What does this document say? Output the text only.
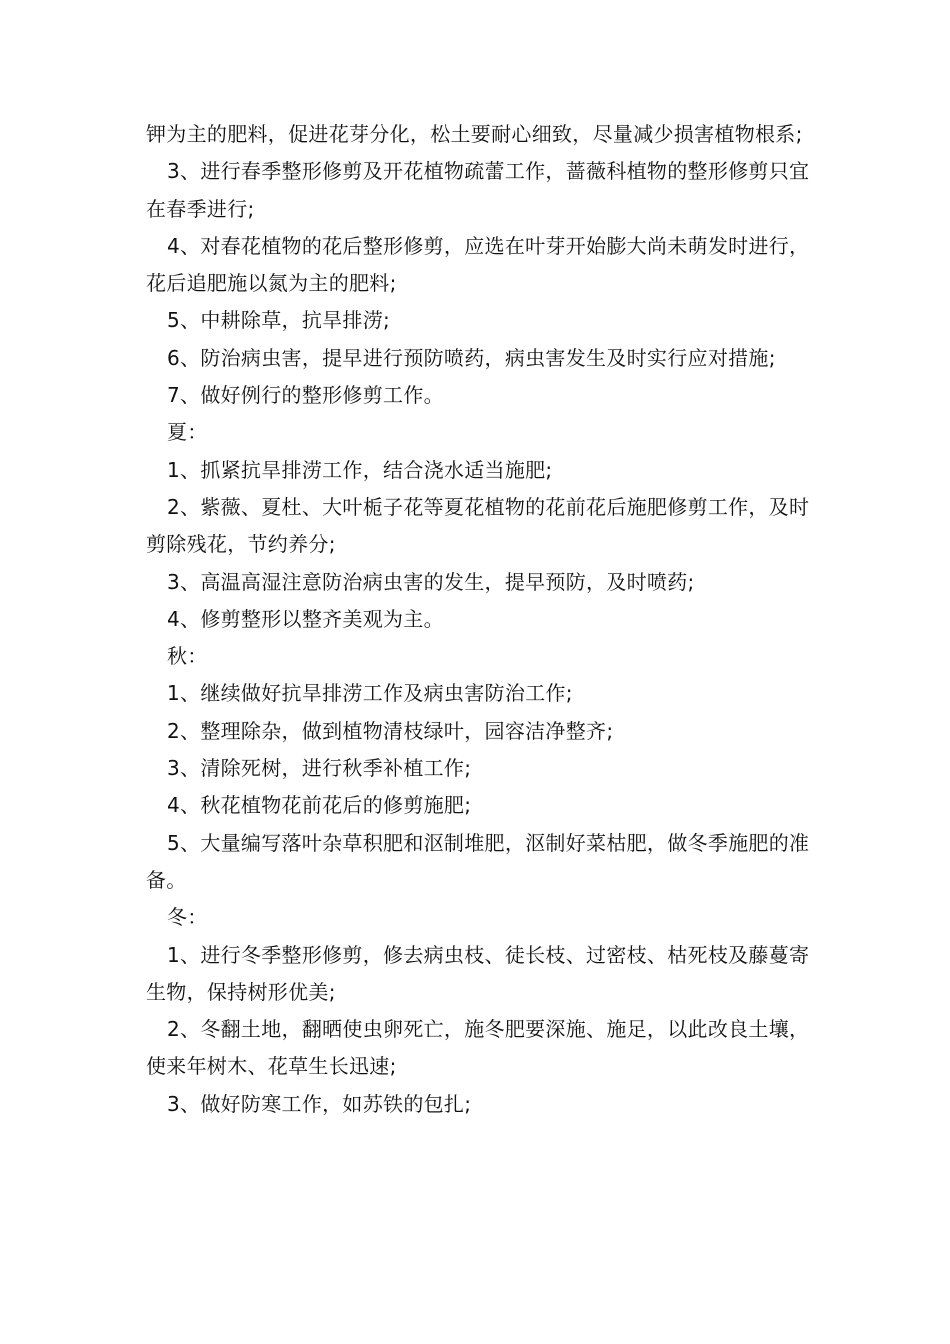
钾为主的肥料，促进花芽分化，松土要耐心细致，尽量减少损害植物根系;

3、进行春季整形修剪及开花植物疏蕾工作，蔷薇科植物的整形修剪只宜在春季进行;

4、对春花植物的花后整形修剪，应选在叶芽开始膨大尚未萌发时进行，花后追肥施以氮为主的肥料;

5、中耕除草，抗旱排涝;

6、防治病虫害，提早进行预防喷药，病虫害发生及时实行应对措施;

7、做好例行的整形修剪工作。

夏：

1、抓紧抗旱排涝工作，结合浇水适当施肥;

2、紫薇、夏杜、大叶栀子花等夏花植物的花前花后施肥修剪工作，及时剪除残花，节约养分;

3、高温高湿注意防治病虫害的发生，提早预防，及时喷药;

4、修剪整形以整齐美观为主。

秋：

1、继续做好抗旱排涝工作及病虫害防治工作;

2、整理除杂，做到植物清枝绿叶，园容洁净整齐;

3、清除死树，进行秋季补植工作;

4、秋花植物花前花后的修剪施肥;

5、大量编写落叶杂草积肥和沤制堆肥，沤制好菜枯肥，做冬季施肥的准备。

冬：

1、进行冬季整形修剪，修去病虫枝、徒长枝、过密枝、枯死枝及藤蔓寄生物，保持树形优美;

2、冬翻土地，翻晒使虫卵死亡，施冬肥要深施、施足，以此改良土壤，使来年树木、花草生长迅速;

3、做好防寒工作，如苏铁的包扎;
